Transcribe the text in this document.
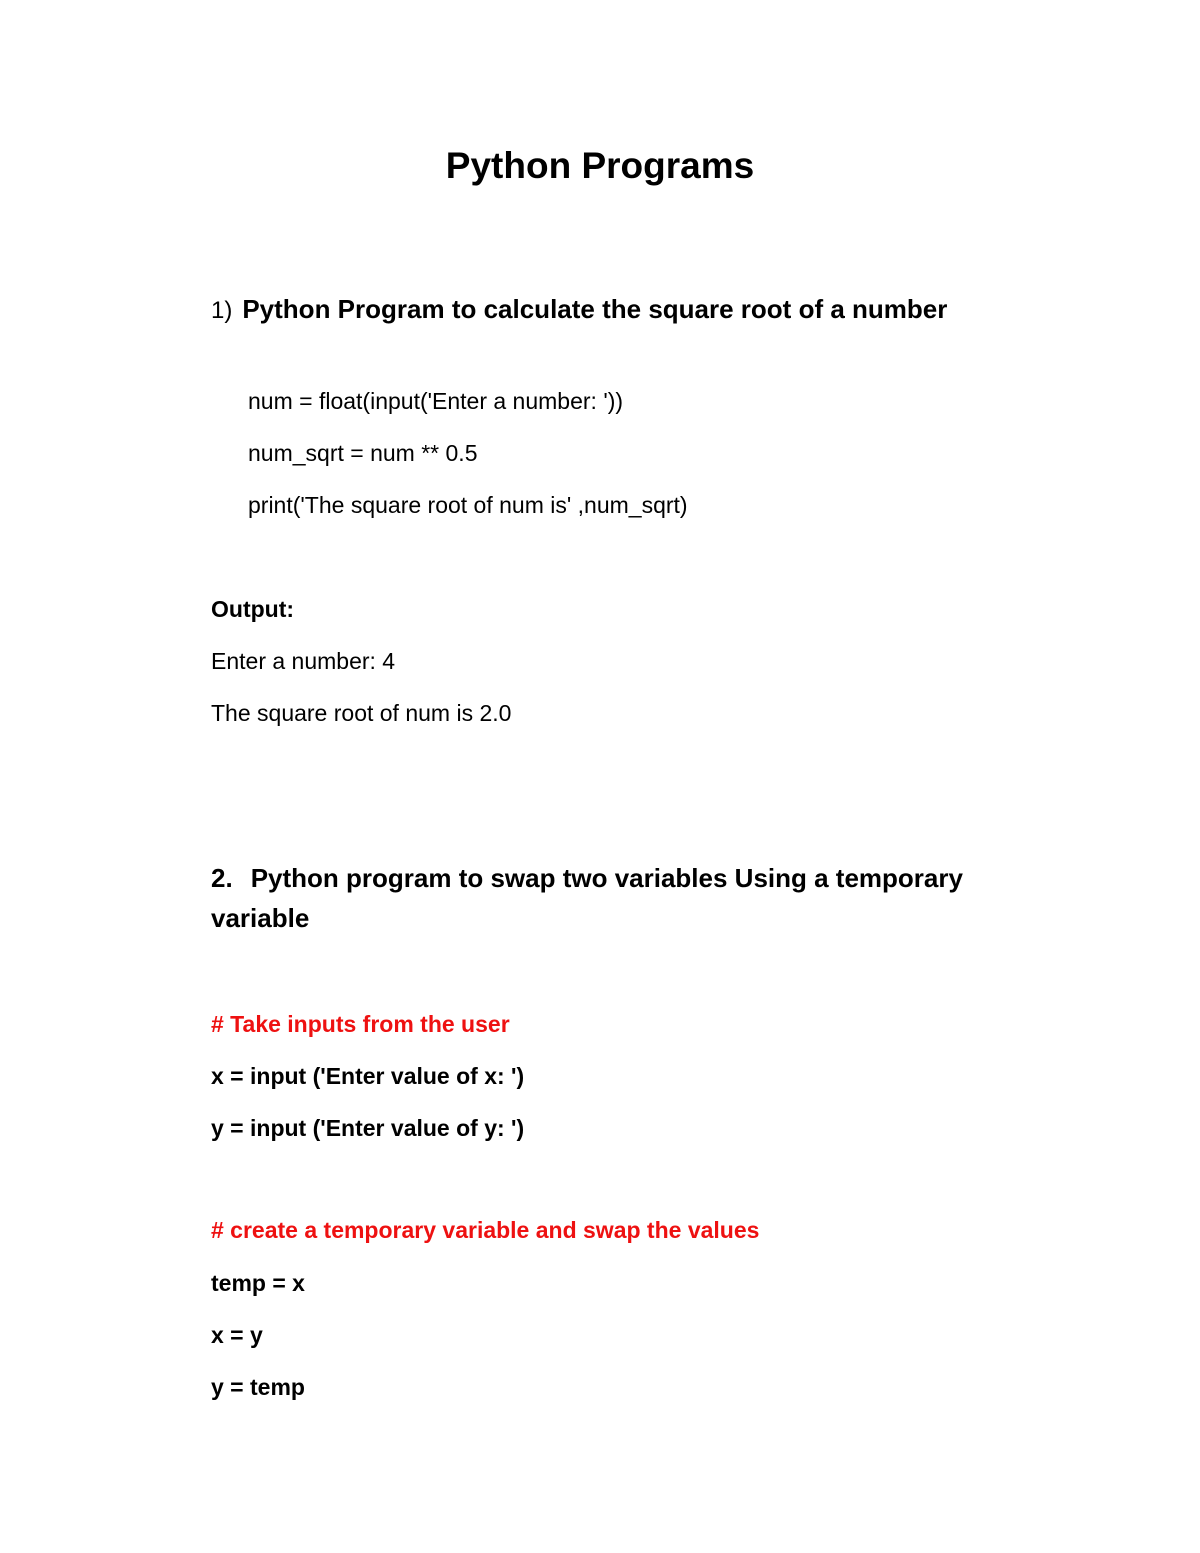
Python Programs
1) Python Program to calculate the square root of a number
num = float(input('Enter a number: '))
num_sqrt = num ** 0.5
print('The square root of num is' ,num_sqrt)
Output:
Enter a number: 4
The square root of num is 2.0
2. Python program to swap two variables Using a temporary variable
# Take inputs from the user
x = input ('Enter value of x: ')
y = input ('Enter value of y: ')
# create a temporary variable and swap the values
temp = x
x = y
y = temp
